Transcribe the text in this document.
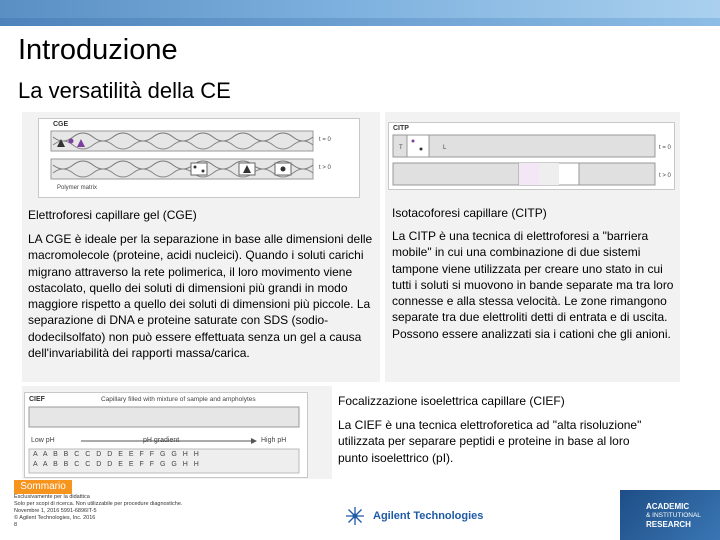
Introduzione
La versatilità della CE
CGE
t = 0
t > 0
Polymer matrix
CITP
T	L	t = 0
t > 0
Elettroforesi capillare gel (CGE)
LA CGE è ideale per la separazione in base alle dimensioni delle macromolecole (proteine, acidi nucleici). Quando i soluti carichi migrano attraverso la rete polimerica, il loro movimento viene ostacolato, quello dei soluti di dimensioni più grandi in modo maggiore rispetto a quello dei soluti di dimensioni più piccole. La separazione di DNA e proteine saturate con SDS (sodio-dodecilsolfato) non può essere effettuata senza un gel a causa dell'invariabilità dei rapporti massa/carica.
Isotacoforesi capillare (CITP)
La CITP è una tecnica di elettroforesi a "barriera mobile" in cui una combinazione di due sistemi tampone viene utilizzata per creare uno stato in cui tutti i soluti si muovono in bande separate ma tra loro connesse e alla stessa velocità. Le zone rimangono separate tra due elettroliti detti di entrata e di uscita. Possono essere analizzati sia i cationi che gli anioni.
CIEF	Capillary filled with mixture of sample and ampholytes
Low pH	pH gradient	High pH
A A B B C C D D E E F F G G H H
A A B B C C D D E E F F G G H H
Focalizzazione isoelettrica capillare (CIEF)
La CIEF è una tecnica elettroforetica ad "alta risoluzione" utilizzata per separare peptidi e proteine in base al loro punto isoelettrico (pI).
Sommario
Esclusivamente per la didattica
Solo per scopi di ricerca. Non utilizzabile per procedure diagnostiche.
Novembre 1, 2016 5991-6896IT-5
© Agilent Technologies, Inc. 2016
8
Agilent Technologies
ACADEMIC
& INSTITUTIONAL
RESEARCH
